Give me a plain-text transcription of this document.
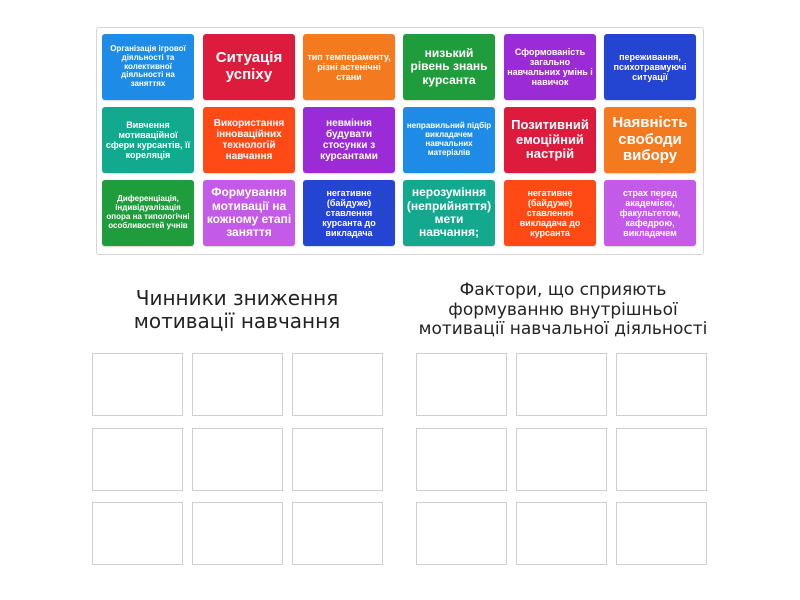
Організація ігрової діяльності та колективної діяльності на заняттях
Ситуація успіху
тип темпераменту, різні астенічні стани
низький рівень знань курсанта
Сформованість загально навчальних умінь і навичок
переживання, психотравмуючі ситуації
Вивчення мотиваційної сфери курсантів, її кореляція
Використання інноваційних технологій навчання
невміння будувати стосунки з курсантами
неправильний підбір викладачем навчальних матеріалів
Позитивний емоційний настрій
Наявність свободи вибору
Диференціація, індивідуалізація опора на типологічні особливостей учнів
Формування мотивації на кожному етапі заняття
негативне (байдуже) ставлення курсанта до викладача
нерозуміння (неприйняття) мети навчання;
негативне (байдуже) ставлення викладача до курсанта
страх перед академією, факультетом, кафедрою, викладачем
Чинники зниження мотивації навчання
Фактори, що сприяють формуванню внутрішньої мотивації навчальної діяльності
